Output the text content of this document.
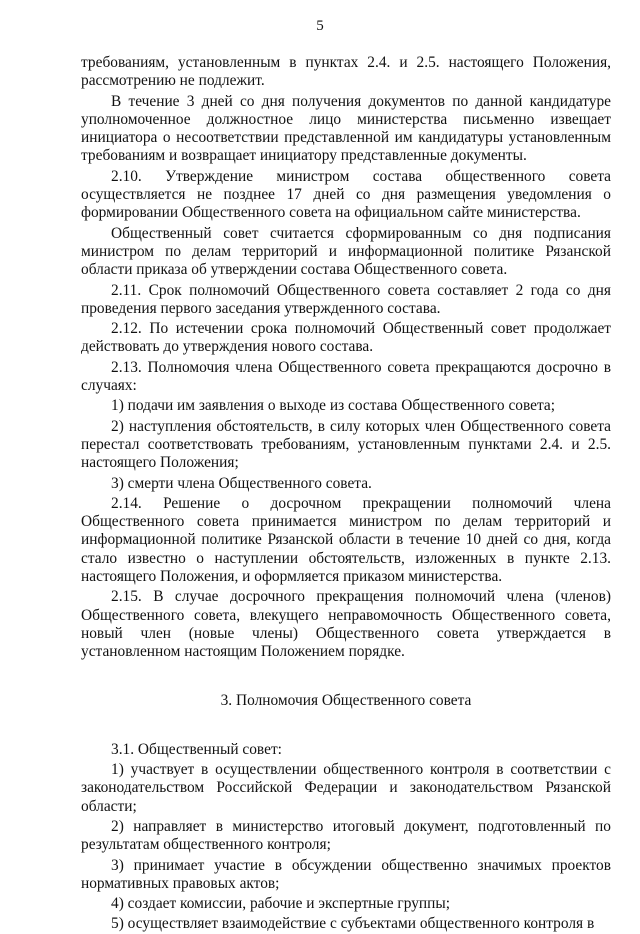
5

требованиям, установленным в пунктах 2.4. и 2.5. настоящего Положения, рассмотрению не подлежит.

В течение 3 дней со дня получения документов по данной кандидатуре уполномоченное должностное лицо министерства письменно извещает инициатора о несоответствии представленной им кандидатуры установленным требованиям и возвращает инициатору представленные документы.

2.10. Утверждение министром состава общественного совета осуществляется не позднее 17 дней со дня размещения уведомления о формировании Общественного совета на официальном сайте министерства.

Общественный совет считается сформированным со дня подписания министром по делам территорий и информационной политике Рязанской области приказа об утверждении состава Общественного совета.

2.11. Срок полномочий Общественного совета составляет 2 года со дня проведения первого заседания утвержденного состава.

2.12. По истечении срока полномочий Общественный совет продолжает действовать до утверждения нового состава.

2.13. Полномочия члена Общественного совета прекращаются досрочно в случаях:

1) подачи им заявления о выходе из состава Общественного совета;

2) наступления обстоятельств, в силу которых член Общественного совета перестал соответствовать требованиям, установленным пунктами 2.4. и 2.5. настоящего Положения;

3) смерти члена Общественного совета.

2.14. Решение о досрочном прекращении полномочий члена Общественного совета принимается министром по делам территорий и информационной политике Рязанской области в течение 10 дней со дня, когда стало известно о наступлении обстоятельств, изложенных в пункте 2.13. настоящего Положения, и оформляется приказом министерства.

2.15. В случае досрочного прекращения полномочий члена (членов) Общественного совета, влекущего неправомочность Общественного совета, новый член (новые члены) Общественного совета утверждается в установленном настоящим Положением порядке.

3. Полномочия Общественного совета

3.1. Общественный совет:

1) участвует в осуществлении общественного контроля в соответствии с законодательством Российской Федерации и законодательством Рязанской области;

2) направляет в министерство итоговый документ, подготовленный по результатам общественного контроля;

3) принимает участие в обсуждении общественно значимых проектов нормативных правовых актов;

4) создает комиссии, рабочие и экспертные группы;

5) осуществляет взаимодействие с субъектами общественного контроля в
